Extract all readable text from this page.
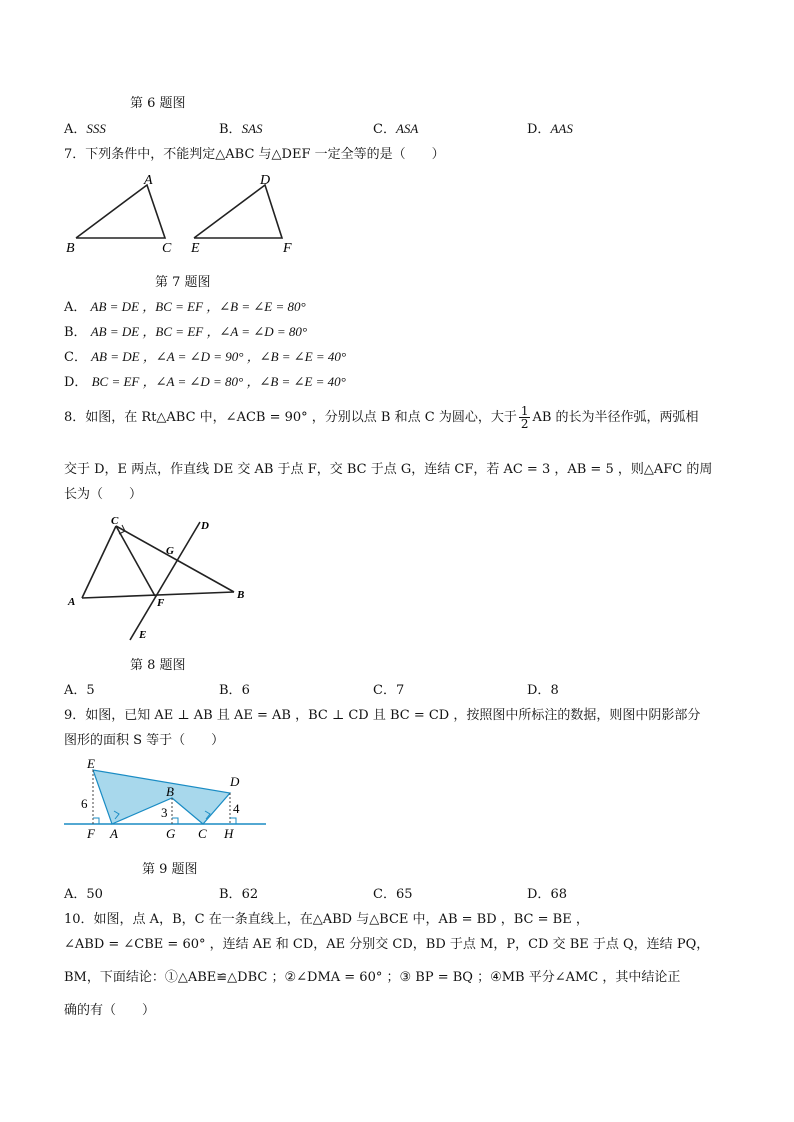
第 6 题图
A．SSS	B．SAS	C．ASA	D．AAS
7．下列条件中，不能判定△ABC 与△DEF 一定全等的是（　　）
A
B	C
D
E	F
第 7 题图
A． AB = DE ，BC = EF ，∠B = ∠E = 80°
B． AB = DE ，BC = EF ，∠A = ∠D = 80°
C． AB = DE ，∠A = ∠D = 90° ，∠B = ∠E = 40°
D． BC = EF ，∠A = ∠D = 80° ，∠B = ∠E = 40°
8．如图，在 Rt△ABC 中，∠ACB = 90° ，分别以点 B 和点 C 为圆心，大于 $\frac{1}{2}$ AB 的长为半径作弧，两弧相
交于 D，E 两点，作直线 DE 交 AB 于点 F，交 BC 于点 G，连结 CF，若 AC = 3 ，AB = 5 ，则△AFC 的周
长为（　　）
C	D
G
A	F
B
E
第 8 题图
A．5	B．6	C．7	D．8
9．如图，已知 AE ⊥ AB 且 AE = AB ，BC ⊥ CD 且 BC = CD ，按照图中所标注的数据，则图中阴影部分
图形的面积 S 等于（　　）
E
D
B
6
3	4
F A	G C H
第 9 题图
A．50	B．62	C．65	D．68
10．如图，点 A，B，C 在一条直线上，在△ABD 与△BCE 中，AB = BD ，BC = BE ，
∠ABD = ∠CBE = 60° ，连结 AE 和 CD，AE 分别交 CD，BD 于点 M，P，CD 交 BE 于点 Q，连结 PQ，
BM，下面结论：①△ABE≌△DBC ；②∠DMA = 60° ；③ BP = BQ ；④MB 平分∠AMC ，其中结论正
确的有（　　）
